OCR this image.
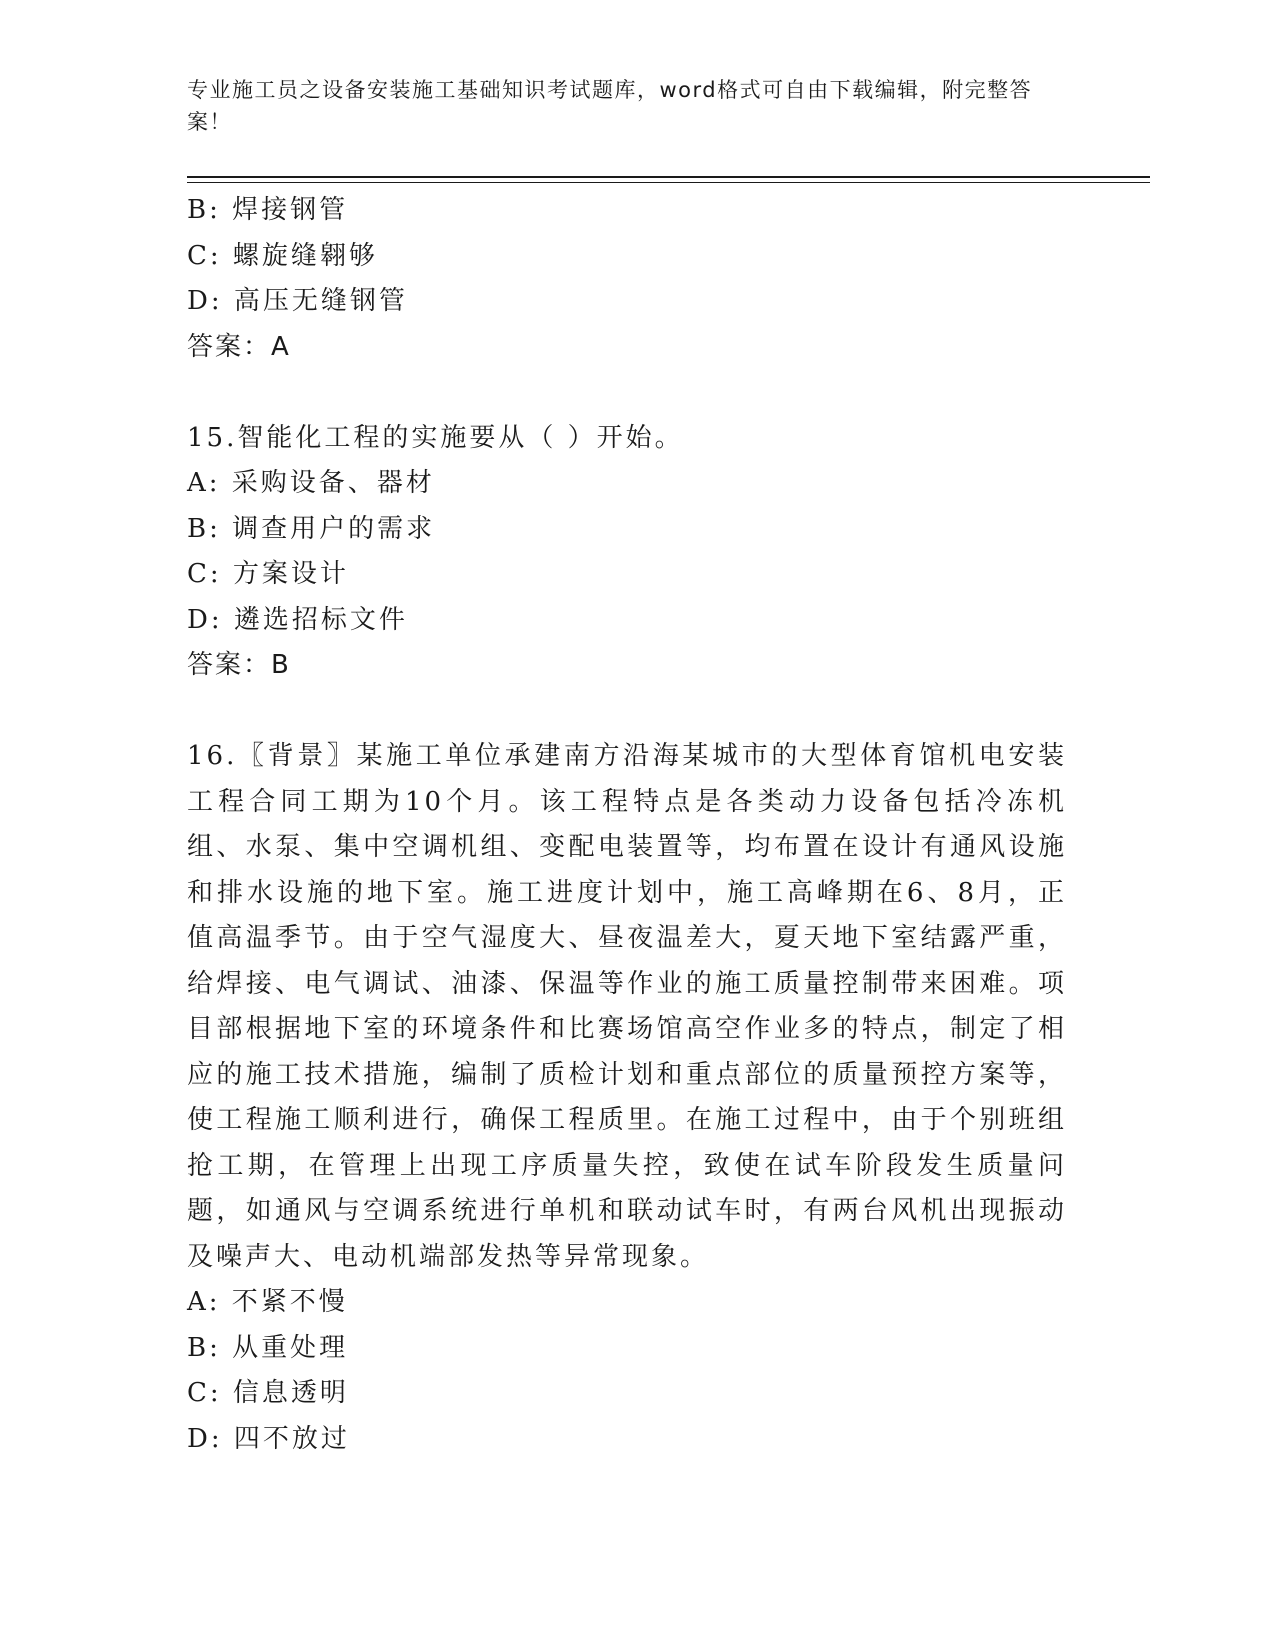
专业施工员之设备安装施工基础知识考试题库，word格式可自由下载编辑，附完整答案！
B: 焊接钢管
C: 螺旋缝翱够
D: 高压无缝钢管
答案：A
15.智能化工程的实施要从（ ）开始。
A: 采购设备、器材
B: 调查用户的需求
C: 方案设计
D: 遴选招标文件
答案：B
16.〖背景〗某施工单位承建南方沿海某城市的大型体育馆机电安装工程合同工期为10个月。该工程特点是各类动力设备包括冷冻机组、水泵、集中空调机组、变配电装置等，均布置在设计有通风设施和排水设施的地下室。施工进度计划中，施工高峰期在6、8月，正值高温季节。由于空气湿度大、昼夜温差大，夏天地下室结露严重，给焊接、电气调试、油漆、保温等作业的施工质量控制带来困难。项目部根据地下室的环境条件和比赛场馆高空作业多的特点，制定了相应的施工技术措施，编制了质检计划和重点部位的质量预控方案等，使工程施工顺利进行，确保工程质里。在施工过程中，由于个别班组抢工期，在管理上出现工序质量失控，致使在试车阶段发生质量问题，如通风与空调系统进行单机和联动试车时，有两台风机出现振动及噪声大、电动机端部发热等异常现象。
A: 不紧不慢
B: 从重处理
C: 信息透明
D: 四不放过
